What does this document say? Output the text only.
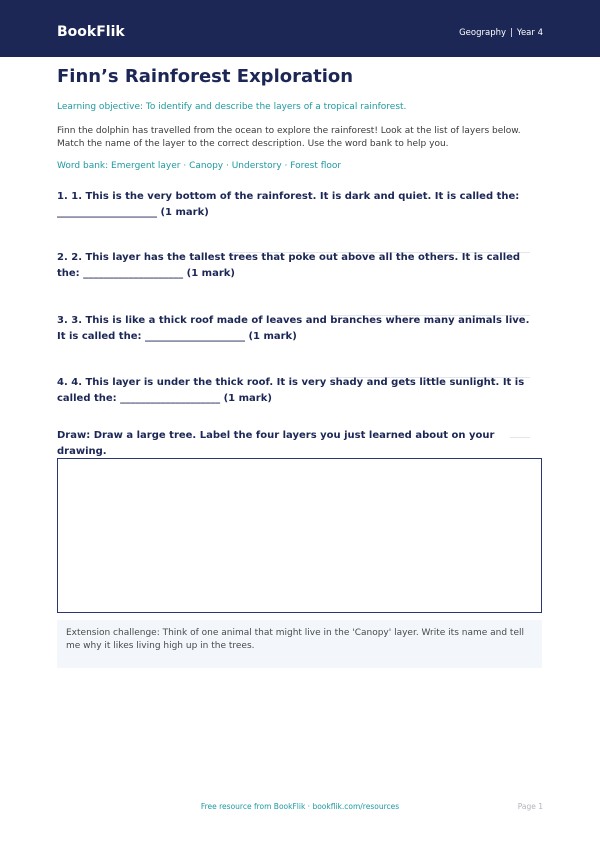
BookFlik	Geography | Year 4
Finn’s Rainforest Exploration
Learning objective: To identify and describe the layers of a tropical rainforest.
Finn the dolphin has travelled from the ocean to explore the rainforest! Look at the list of layers below. Match the name of the layer to the correct description. Use the word bank to help you.
Word bank: Emergent layer · Canopy · Understory · Forest floor
1. 1. This is the very bottom of the rainforest. It is dark and quiet. It is called the: ____________________ (1 mark)
2. 2. This layer has the tallest trees that poke out above all the others. It is called the: ____________________ (1 mark)
3. 3. This is like a thick roof made of leaves and branches where many animals live. It is called the: ____________________ (1 mark)
4. 4. This layer is under the thick roof. It is very shady and gets little sunlight. It is called the: ____________________ (1 mark)
Draw: Draw a large tree. Label the four layers you just learned about on your drawing.
Extension challenge: Think of one animal that might live in the 'Canopy' layer. Write its name and tell me why it likes living high up in the trees.
Free resource from BookFlik · bookflik.com/resources	Page 1
